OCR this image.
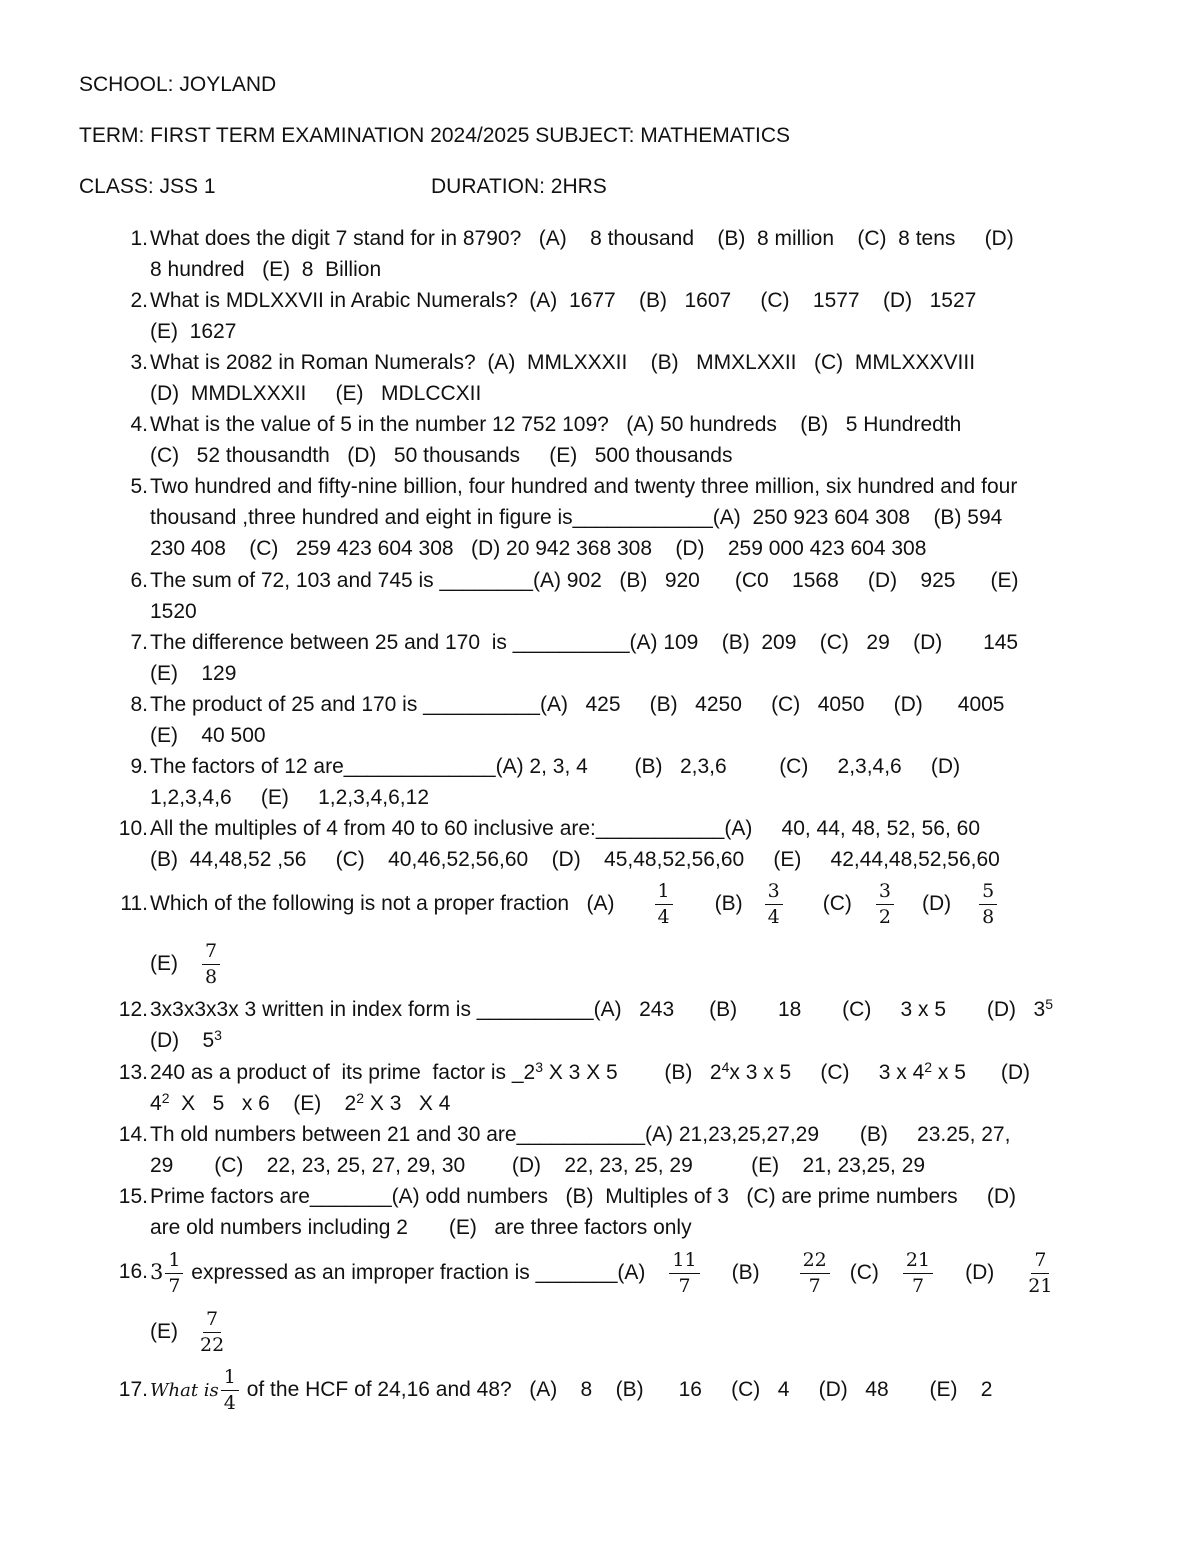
SCHOOL: JOYLAND
TERM: FIRST TERM EXAMINATION 2024/2025 SUBJECT: MATHEMATICS
CLASS: JSS 1	DURATION: 2HRS
1. What does the digit 7 stand for in 8790?   (A)    8 thousand    (B)  8 million    (C)  8 tens     (D)
8 hundred   (E)  8  Billion
2. What is MDLXXVII in Arabic Numerals?  (A)  1677    (B)   1607     (C)    1577    (D)   1527
(E)  1627
3. What is 2082 in Roman Numerals?  (A)  MMLXXXII    (B)   MMXLXXII   (C)  MMLXXXVIII
(D)  MMDLXXXII     (E)   MDLCCXII
4. What is the value of 5 in the number 12 752 109?   (A) 50 hundreds    (B)   5 Hundredth
(C)   52 thousandth   (D)   50 thousands     (E)   500 thousands
5. Two hundred and fifty-nine billion, four hundred and twenty three million, six hundred and four
thousand ,three hundred and eight in figure is____________(A)  250 923 604 308    (B) 594
230 408    (C)   259 423 604 308   (D) 20 942 368 308    (D)    259 000 423 604 308
6. The sum of 72, 103 and 745 is ________(A) 902   (B)   920      (C0    1568     (D)    925      (E)
1520
7. The difference between 25 and 170  is __________(A) 109    (B)  209    (C)   29    (D)       145
(E)    129
8. The product of 25 and 170 is __________(A)   425     (B)   4250     (C)   4050     (D)      4005
(E)    40 500
9. The factors of 12 are_____________(A) 2, 3, 4        (B)   2,3,6         (C)     2,3,4,6     (D)
1,2,3,4,6     (E)     1,2,3,4,6,12
10. All the multiples of 4 from 40 to 60 inclusive are:___________(A)     40, 44, 48, 52, 56, 60
(B)  44,48,52 ,56     (C)    40,46,52,56,60    (D)    45,48,52,56,60     (E)     42,44,48,52,56,60
11. Which of the following is not a proper fraction   $(A) \frac{1}{4} (B) \frac{3}{4} (C) \frac{3}{2} (D) \frac{5}{8}$

$(E) \frac{7}{8}$

12. 3x3x3x3x 3 written in index form is __________(A)   243      (B)       18       (C)     3 x 5       (D)   $3^5$
(D)    $5^3$
13. 240 as a product of  its prime  factor is $\_2^3$ X 3 X 5        (B)   $2^4x$ 3 x 5     (C)     3 x $4^2$ x 5      (D)
$4^2$  X   5   x 6    (E)    $2^2$ X 3   X 4
14. Th old numbers between 21 and 30 are___________(A) 21,23,25,27,29       (B)     23.25, 27,
29       (C)    22, 23, 25, 27, 29, 30        (D)    22, 23, 25, 29          (E)    21, 23,25, 29
15. Prime factors are_______(A) odd numbers   (B)  Multiples of 3   (C) are prime numbers     (D)
are old numbers including 2       (E)   are three factors only
16. $3 \frac{1}{7}$ expressed as an improper fraction is _______(A) $\frac{11}{7} (B) \frac{22}{7} (C) \frac{21}{7} (D) \frac{7}{21}$

$(E) \frac{7}{22}$

17. What is $\frac{1}{4}$ of the HCF of 24,16 and 48?   (A)    8    (B)      16     (C)   4     (D)   48       (E)    2
